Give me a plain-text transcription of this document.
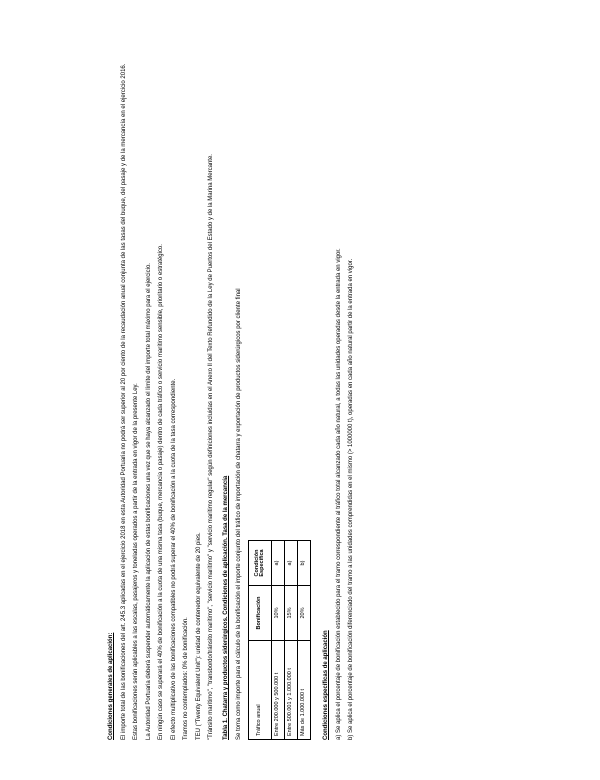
Condiciones generales de aplicación: El importe total de las bonificaciones del art. 245.3 aplicadas en el ejercicio 2018 en esta Autoridad Portuaria no podrá ser superior al 20 por ciento de la recaudación anual conjunta de las tasas del buque, del pasaje y de la mercancía en el ejercicio 2016. Estas bonificaciones serán aplicables a las escalas, pasajeros y toneladas operados a partir de la entrada en vigor de la presente Ley. La Autoridad Portuaria deberá suspender automáticamente la aplicación de estas bonificaciones una vez que se haya alcanzado el límite del importe total máximo para el ejercicio. En ningún caso se superará el 40% de bonificación a la cuota de una misma tasa (buque, mercancía o pasaje) dentro de cada tráfico o servicio marítimo sensible, prioritario o estratégico. El efecto multiplicativo de las bonificaciones compatibles no podrá superar el 40% de bonificación a la cuota de la tasa correspondiente. Tramos no contemplados: 0% de bonificación. TEU ("Twenty Equivalent Unit"): unidad de contenedor equivalente de 20 pies. "Tránsito marítimo", "transbordo/tránsito marítimo", "servicio marítimo" y "servicio marítimo regular" según definiciones incluidas en el Anexo II del Texto Refundido de la Ley de Puertos del Estado y de la Marina Mercante. Tabla 1. Chatarra y productos siderúrgicos. Condiciones de aplicación. Tasa de la mercancía Se toma como importe para el cálculo de la bonificación el importe conjunto del tráfico de importación de chatarra y exportación de productos siderúrgicos por cliente final	Tráfico anual	Bonificación	Condición Específica

Entre 200.000 y 500.000 t	10%	a)
Entre 500.001 y 1.000.000 t	15%	a)
Más de 1.000.000 t	20%	b)
Condiciones específicas de aplicación a) Se aplica el porcentaje de bonificación establecido para el tramo correspondiente al tráfico total alcanzado cada año natural, a todas las unidades operadas desde la entrada en vigor. b) Se aplica el porcentaje de bonificación diferenciado del tramo a las unidades comprendidas en el mismo (> 1000000 t), operadas en cada año natural partir de la entrada en vigor.
